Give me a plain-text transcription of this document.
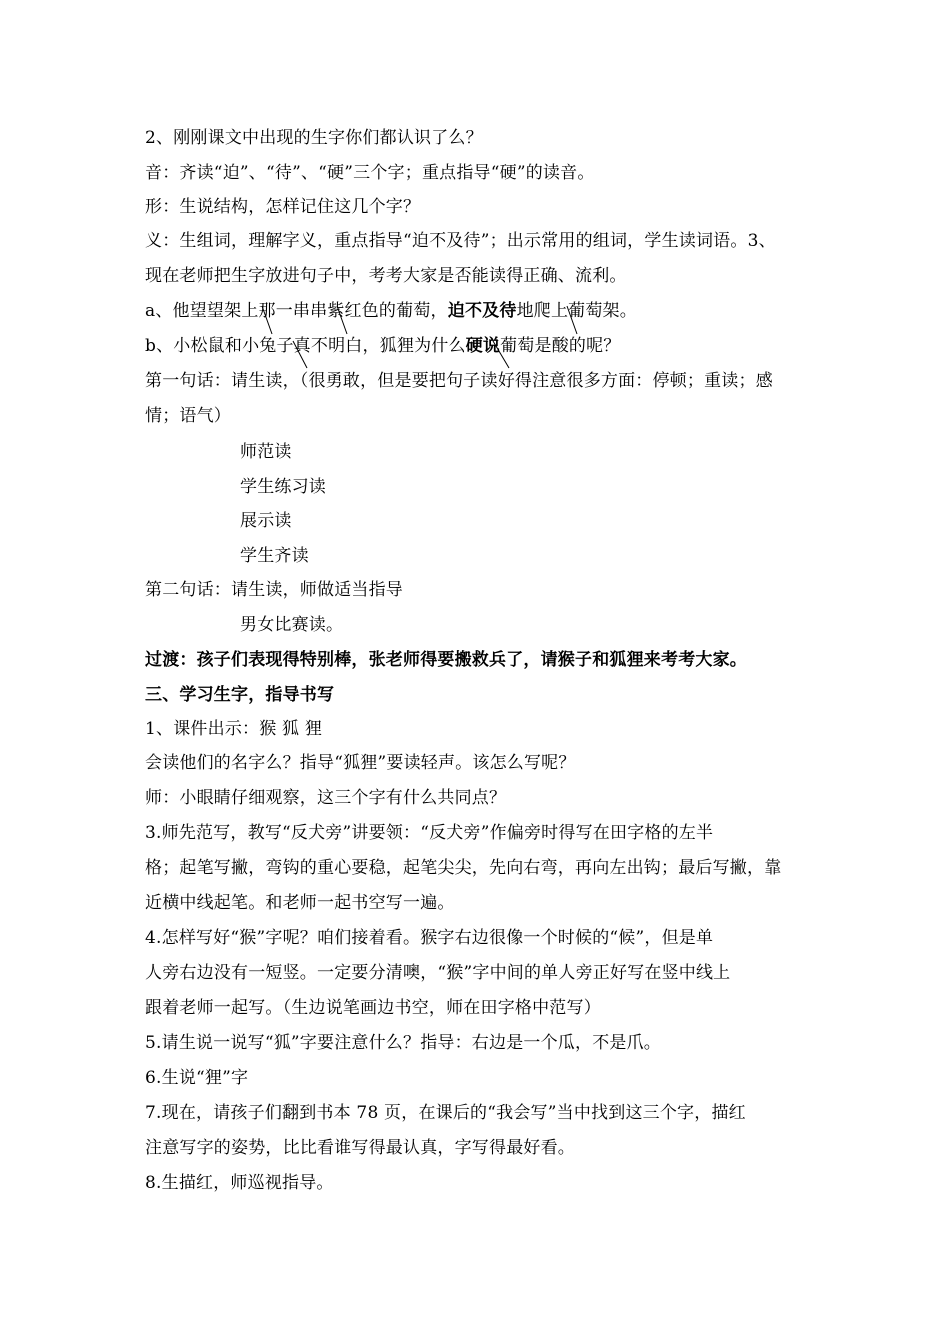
2、刚刚课文中出现的生字你们都认识了么？
音：齐读“迫”、“待”、“硬”三个字；重点指导“硬”的读音。
形：生说结构，怎样记住这几个字？
义：生组词，理解字义，重点指导“迫不及待”；出示常用的组词，学生读词语。3、
现在老师把生字放进句子中，考考大家是否能读得正确、流利。
a、他望望架上那一串串紫红色的葡萄，迫不及待地爬上葡萄架。
b、小松鼠和小兔子真不明白，狐狸为什么硬说葡萄是酸的呢？
第一句话：请生读，（很勇敢，但是要把句子读好得注意很多方面：停顿；重读；感
情；语气）
师范读
学生练习读
展示读
学生齐读
第二句话：请生读，师做适当指导
男女比赛读。
过渡：孩子们表现得特别棒，张老师得要搬救兵了，请猴子和狐狸来考考大家。
三、学习生字，指导书写
1、课件出示：猴 狐 狸
会读他们的名字么？指导“狐狸”要读轻声。该怎么写呢？
师：小眼睛仔细观察，这三个字有什么共同点？
3.师先范写，教写“反犬旁”讲要领：“反犬旁”作偏旁时得写在田字格的左半
格；起笔写撇，弯钩的重心要稳，起笔尖尖，先向右弯，再向左出钩；最后写撇，靠
近横中线起笔。和老师一起书空写一遍。
4.怎样写好“猴”字呢？咱们接着看。猴字右边很像一个时候的“候”，但是单
人旁右边没有一短竖。一定要分清噢，“猴”字中间的单人旁正好写在竖中线上
跟着老师一起写。（生边说笔画边书空，师在田字格中范写）
5.请生说一说写“狐”字要注意什么？指导：右边是一个瓜，不是爪。
6.生说“狸”字
7.现在，请孩子们翻到书本 78 页，在课后的“我会写”当中找到这三个字，描红
注意写字的姿势，比比看谁写得最认真，字写得最好看。
8.生描红，师巡视指导。
